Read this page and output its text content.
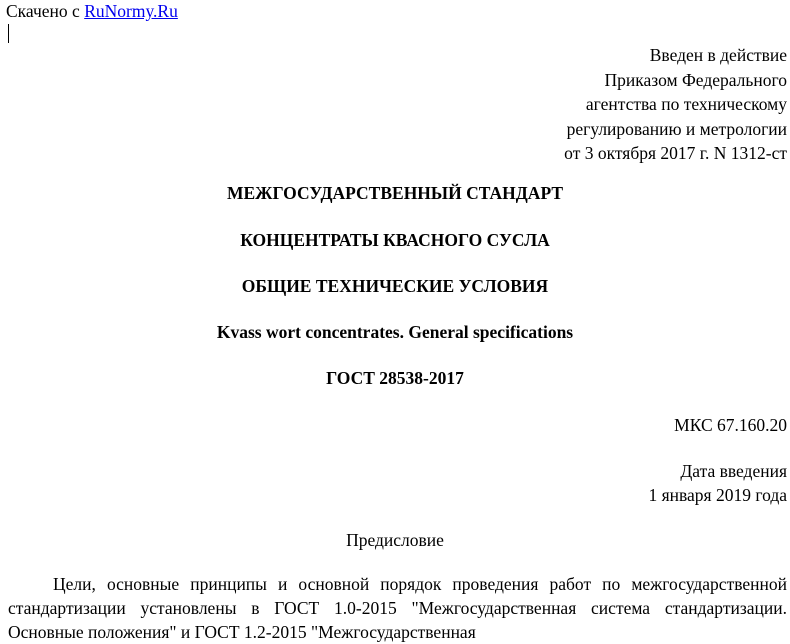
Скачено с RuNormy.Ru
Введен в действие
Приказом Федерального
агентства по техническому
регулированию и метрологии
от 3 октября 2017 г. N 1312-ст
МЕЖГОСУДАРСТВЕННЫЙ СТАНДАРТ
КОНЦЕНТРАТЫ КВАСНОГО СУСЛА
ОБЩИЕ ТЕХНИЧЕСКИЕ УСЛОВИЯ
Kvass wort concentrates. General specifications
ГОСТ 28538-2017
МКС 67.160.20
Дата введения
1 января 2019 года
Предисловие
Цели, основные принципы и основной порядок проведения работ по межгосударственной стандартизации установлены в ГОСТ 1.0-2015 "Межгосударственная система стандартизации. Основные положения" и ГОСТ 1.2-2015 "Межгосударственная
